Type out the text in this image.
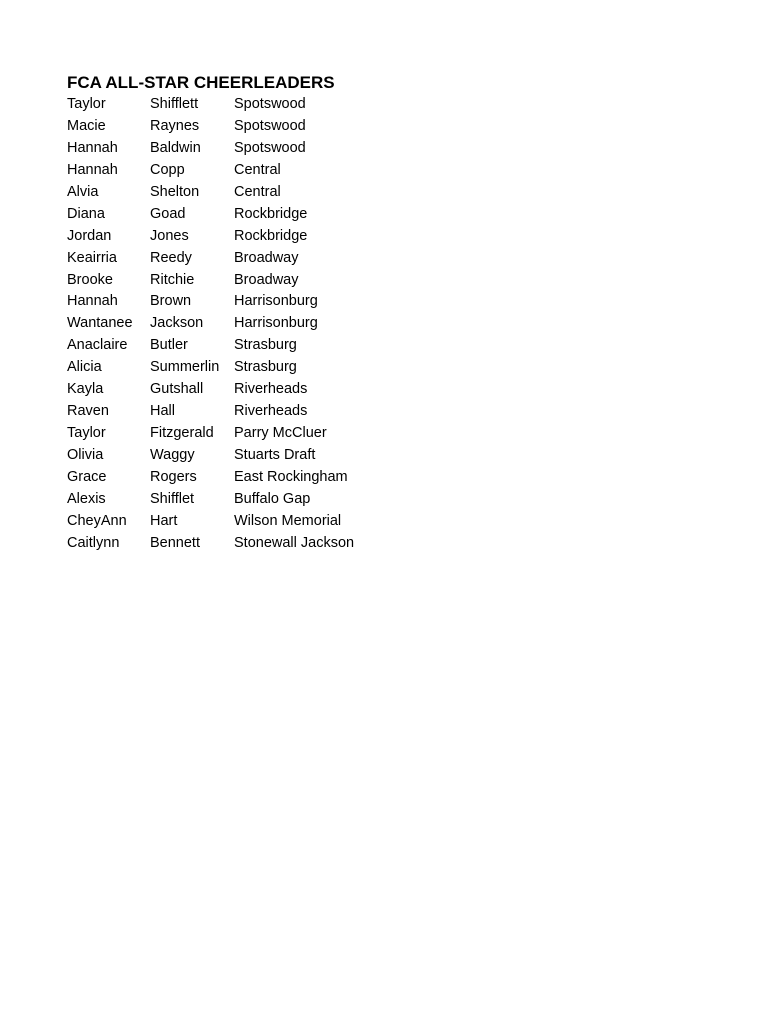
FCA ALL-STAR CHEERLEADERS
Taylor	Shifflett	Spotswood
Macie	Raynes	Spotswood
Hannah	Baldwin	Spotswood
Hannah	Copp	Central
Alvia	Shelton	Central
Diana	Goad	Rockbridge
Jordan	Jones	Rockbridge
Keairria	Reedy	Broadway
Brooke	Ritchie	Broadway
Hannah	Brown	Harrisonburg
Wantanee	Jackson	Harrisonburg
Anaclaire	Butler	Strasburg
Alicia	Summerlin	Strasburg
Kayla	Gutshall	Riverheads
Raven	Hall	Riverheads
Taylor	Fitzgerald	Parry McCluer
Olivia	Waggy	Stuarts Draft
Grace	Rogers	East Rockingham
Alexis	Shifflet	Buffalo Gap
CheyAnn	Hart	Wilson Memorial
Caitlynn	Bennett	Stonewall Jackson
